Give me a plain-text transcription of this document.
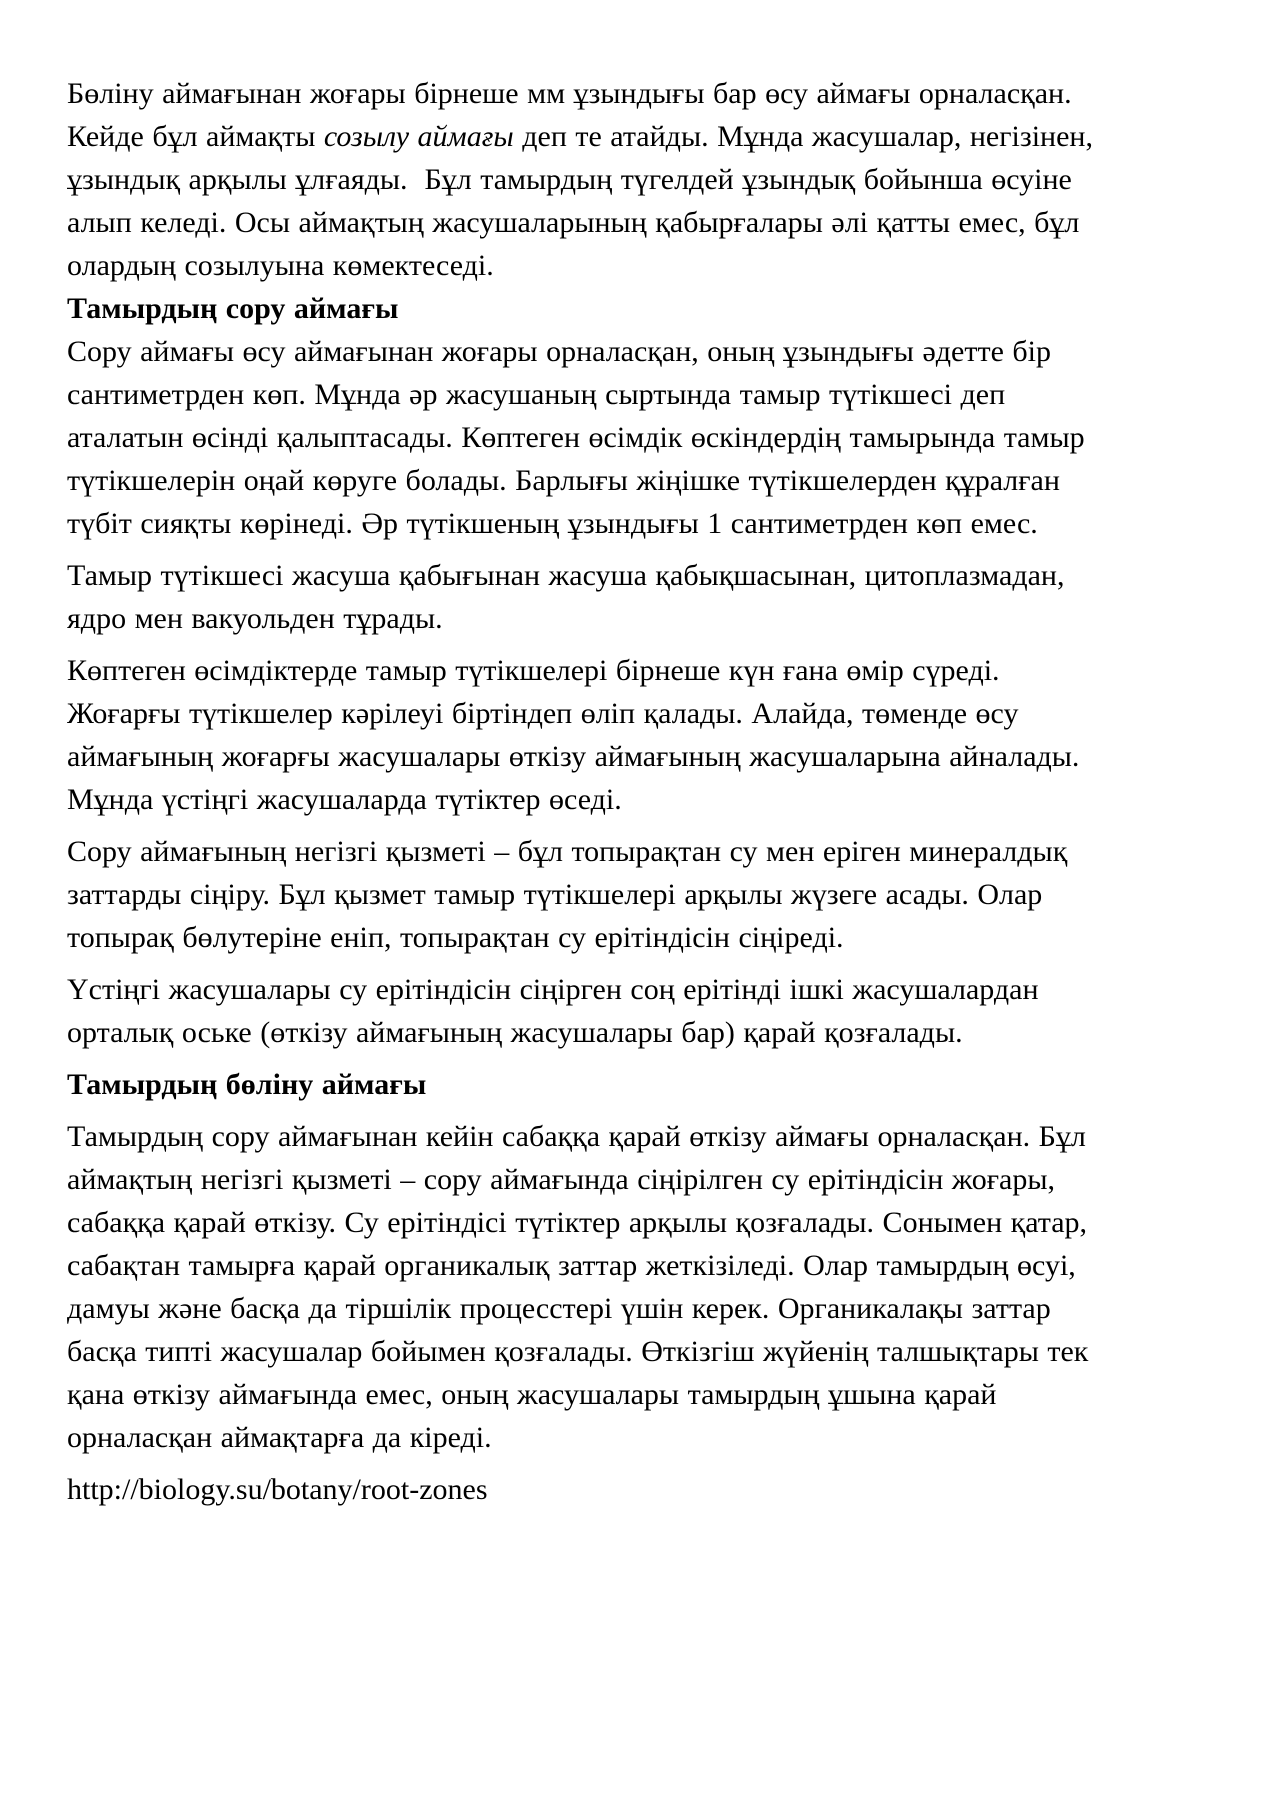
Бөліну аймағынан жоғары бірнеше мм ұзындығы бар өсу аймағы орналасқан. Кейде бұл аймақты созылу аймағы деп те атайды. Мұнда жасушалар, негізінен, ұзындық арқылы ұлғаяды.  Бұл тамырдың түгелдей ұзындық бойынша өсуіне алып келеді. Осы аймақтың жасушаларының қабырғалары әлі қатты емес, бұл олардың созылуына көмектеседі.

Тамырдың сору аймағы

Сору аймағы өсу аймағынан жоғары орналасқан, оның ұзындығы әдетте бір сантиметрден көп. Мұнда әр жасушаның сыртында тамыр түтікшесі деп аталатын өсінді қалыптасады. Көптеген өсімдік өскіндердің тамырында тамыр түтікшелерін оңай көруге болады. Барлығы жіңішке түтікшелерден құралған түбіт сияқты көрінеді. Әр түтікшеның ұзындығы 1 сантиметрден көп емес.

Тамыр түтікшесі жасуша қабығынан жасуша қабықшасынан, цитоплазмадан, ядро мен вакуольден тұрады.

Көптеген өсімдіктерде тамыр түтікшелері бірнеше күн ғана өмір сүреді. Жоғарғы түтікшелер кәрілеуі біртіндеп өліп қалады. Алайда, төменде өсу аймағының жоғарғы жасушалары өткізу аймағының жасушаларына айналады. Мұнда үстіңгі жасушаларда түтіктер өседі.

Сору аймағының негізгі қызметі – бұл топырақтан су мен еріген минералдық заттарды сіңіру. Бұл қызмет тамыр түтікшелері арқылы жүзеге асады. Олар топырақ бөлутеріне еніп, топырақтан су ерітіндісін сіңіреді.

Үстіңгі жасушалары су ерітіндісін сіңірген соң ерітінді ішкі жасушалардан орталық оське (өткізу аймағының жасушалары бар) қарай қозғалады.

Тамырдың бөліну аймағы

Тамырдың сору аймағынан кейін сабаққа қарай өткізу аймағы орналасқан. Бұл аймақтың негізгі қызметі – сору аймағында сіңірілген су ерітіндісін жоғары, сабаққа қарай өткізу. Су ерітіндісі түтіктер арқылы қозғалады. Сонымен қатар, сабақтан тамырға қарай органикалық заттар жеткізіледі. Олар тамырдың өсуі, дамуы және басқа да тіршілік процесстері үшін керек. Органикалақы заттар басқа типті жасушалар бойымен қозғалады. Өткізгіш жүйенің талшықтары тек қана өткізу аймағында емес, оның жасушалары тамырдың ұшына қарай орналасқан аймақтарға да кіреді.

http://biology.su/botany/root-zones
